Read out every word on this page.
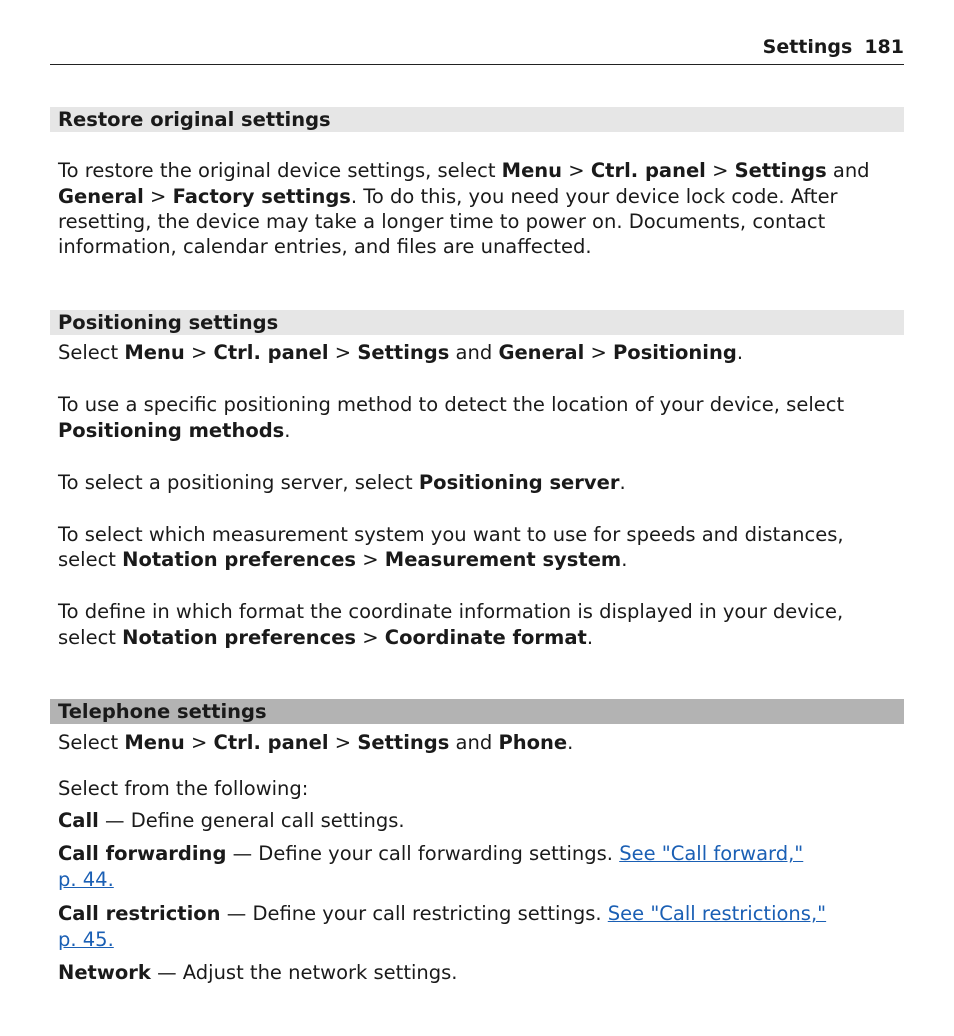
Settings 181
Restore original settings
To restore the original device settings, select Menu > Ctrl. panel > Settings and
General > Factory settings. To do this, you need your device lock code. After
resetting, the device may take a longer time to power on. Documents, contact
information, calendar entries, and files are unaffected.
Positioning settings
Select Menu > Ctrl. panel > Settings and General > Positioning.
To use a specific positioning method to detect the location of your device, select
Positioning methods.
To select a positioning server, select Positioning server.
To select which measurement system you want to use for speeds and distances,
select Notation preferences > Measurement system.
To define in which format the coordinate information is displayed in your device,
select Notation preferences > Coordinate format.
Telephone settings
Select Menu > Ctrl. panel > Settings and Phone.
Select from the following:
Call — Define general call settings.
Call forwarding — Define your call forwarding settings. See "Call forward,"
p. 44.
Call restriction — Define your call restricting settings. See "Call restrictions,"
p. 45.
Network — Adjust the network settings.
